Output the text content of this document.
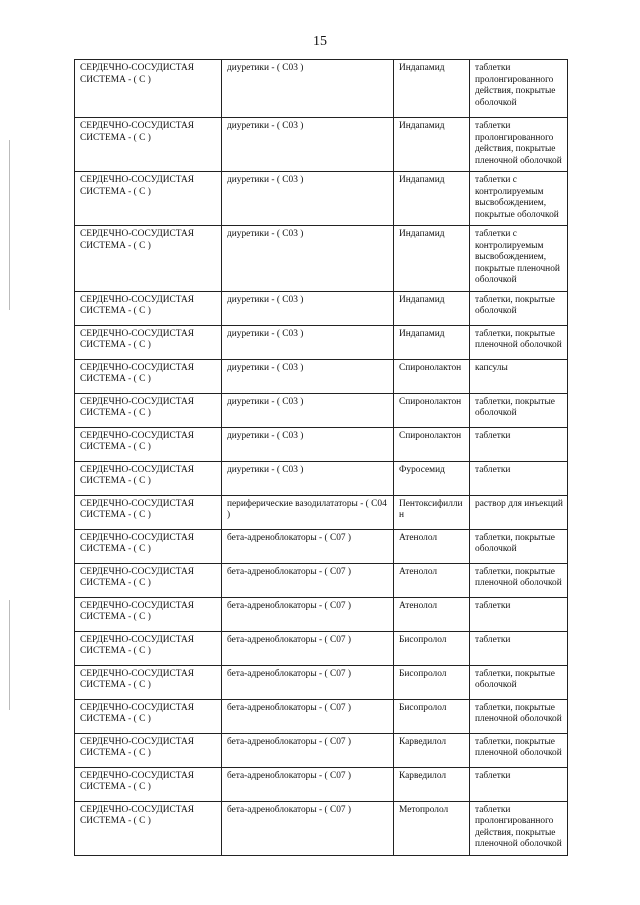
15
СЕРДЕЧНО-СОСУДИСТАЯ СИСТЕМА - ( С )	диуретики - ( С03 )	Индапамид	таблетки пролонгированного действия, покрытые оболочкой
СЕРДЕЧНО-СОСУДИСТАЯ СИСТЕМА - ( С )	диуретики - ( С03 )	Индапамид	таблетки пролонгированного действия, покрытые пленочной оболочкой
СЕРДЕЧНО-СОСУДИСТАЯ СИСТЕМА - ( С )	диуретики - ( С03 )	Индапамид	таблетки с контролируемым высвобождением, покрытые оболочкой
СЕРДЕЧНО-СОСУДИСТАЯ СИСТЕМА - ( С )	диуретики - ( С03 )	Индапамид	таблетки с контролируемым высвобождением, покрытые пленочной оболочкой
СЕРДЕЧНО-СОСУДИСТАЯ СИСТЕМА - ( С )	диуретики - ( С03 )	Индапамид	таблетки, покрытые оболочкой
СЕРДЕЧНО-СОСУДИСТАЯ СИСТЕМА - ( С )	диуретики - ( С03 )	Индапамид	таблетки, покрытые пленочной оболочкой
СЕРДЕЧНО-СОСУДИСТАЯ СИСТЕМА - ( С )	диуретики - ( С03 )	Спиронолактон	капсулы
СЕРДЕЧНО-СОСУДИСТАЯ СИСТЕМА - ( С )	диуретики - ( С03 )	Спиронолактон	таблетки, покрытые оболочкой
СЕРДЕЧНО-СОСУДИСТАЯ СИСТЕМА - ( С )	диуретики - ( С03 )	Спиронолактон	таблетки
СЕРДЕЧНО-СОСУДИСТАЯ СИСТЕМА - ( С )	диуретики - ( С03 )	Фуросемид	таблетки
СЕРДЕЧНО-СОСУДИСТАЯ СИСТЕМА - ( С )	периферические вазодилататоры - ( С04 )	Пентоксифиллин	раствор для инъекций
СЕРДЕЧНО-СОСУДИСТАЯ СИСТЕМА - ( С )	бета-адреноблокаторы - ( С07 )	Атенолол	таблетки, покрытые оболочкой
СЕРДЕЧНО-СОСУДИСТАЯ СИСТЕМА - ( С )	бета-адреноблокаторы - ( С07 )	Атенолол	таблетки, покрытые пленочной оболочкой
СЕРДЕЧНО-СОСУДИСТАЯ СИСТЕМА - ( С )	бета-адреноблокаторы - ( С07 )	Атенолол	таблетки
СЕРДЕЧНО-СОСУДИСТАЯ СИСТЕМА - ( С )	бета-адреноблокаторы - ( С07 )	Бисопролол	таблетки
СЕРДЕЧНО-СОСУДИСТАЯ СИСТЕМА - ( С )	бета-адреноблокаторы - ( С07 )	Бисопролол	таблетки, покрытые оболочкой
СЕРДЕЧНО-СОСУДИСТАЯ СИСТЕМА - ( С )	бета-адреноблокаторы - ( С07 )	Бисопролол	таблетки, покрытые пленочной оболочкой
СЕРДЕЧНО-СОСУДИСТАЯ СИСТЕМА - ( С )	бета-адреноблокаторы - ( С07 )	Карведилол	таблетки, покрытые пленочной оболочкой
СЕРДЕЧНО-СОСУДИСТАЯ СИСТЕМА - ( С )	бета-адреноблокаторы - ( С07 )	Карведилол	таблетки
СЕРДЕЧНО-СОСУДИСТАЯ СИСТЕМА - ( С )	бета-адреноблокаторы - ( С07 )	Метопролол	таблетки пролонгированного действия, покрытые пленочной оболочкой
